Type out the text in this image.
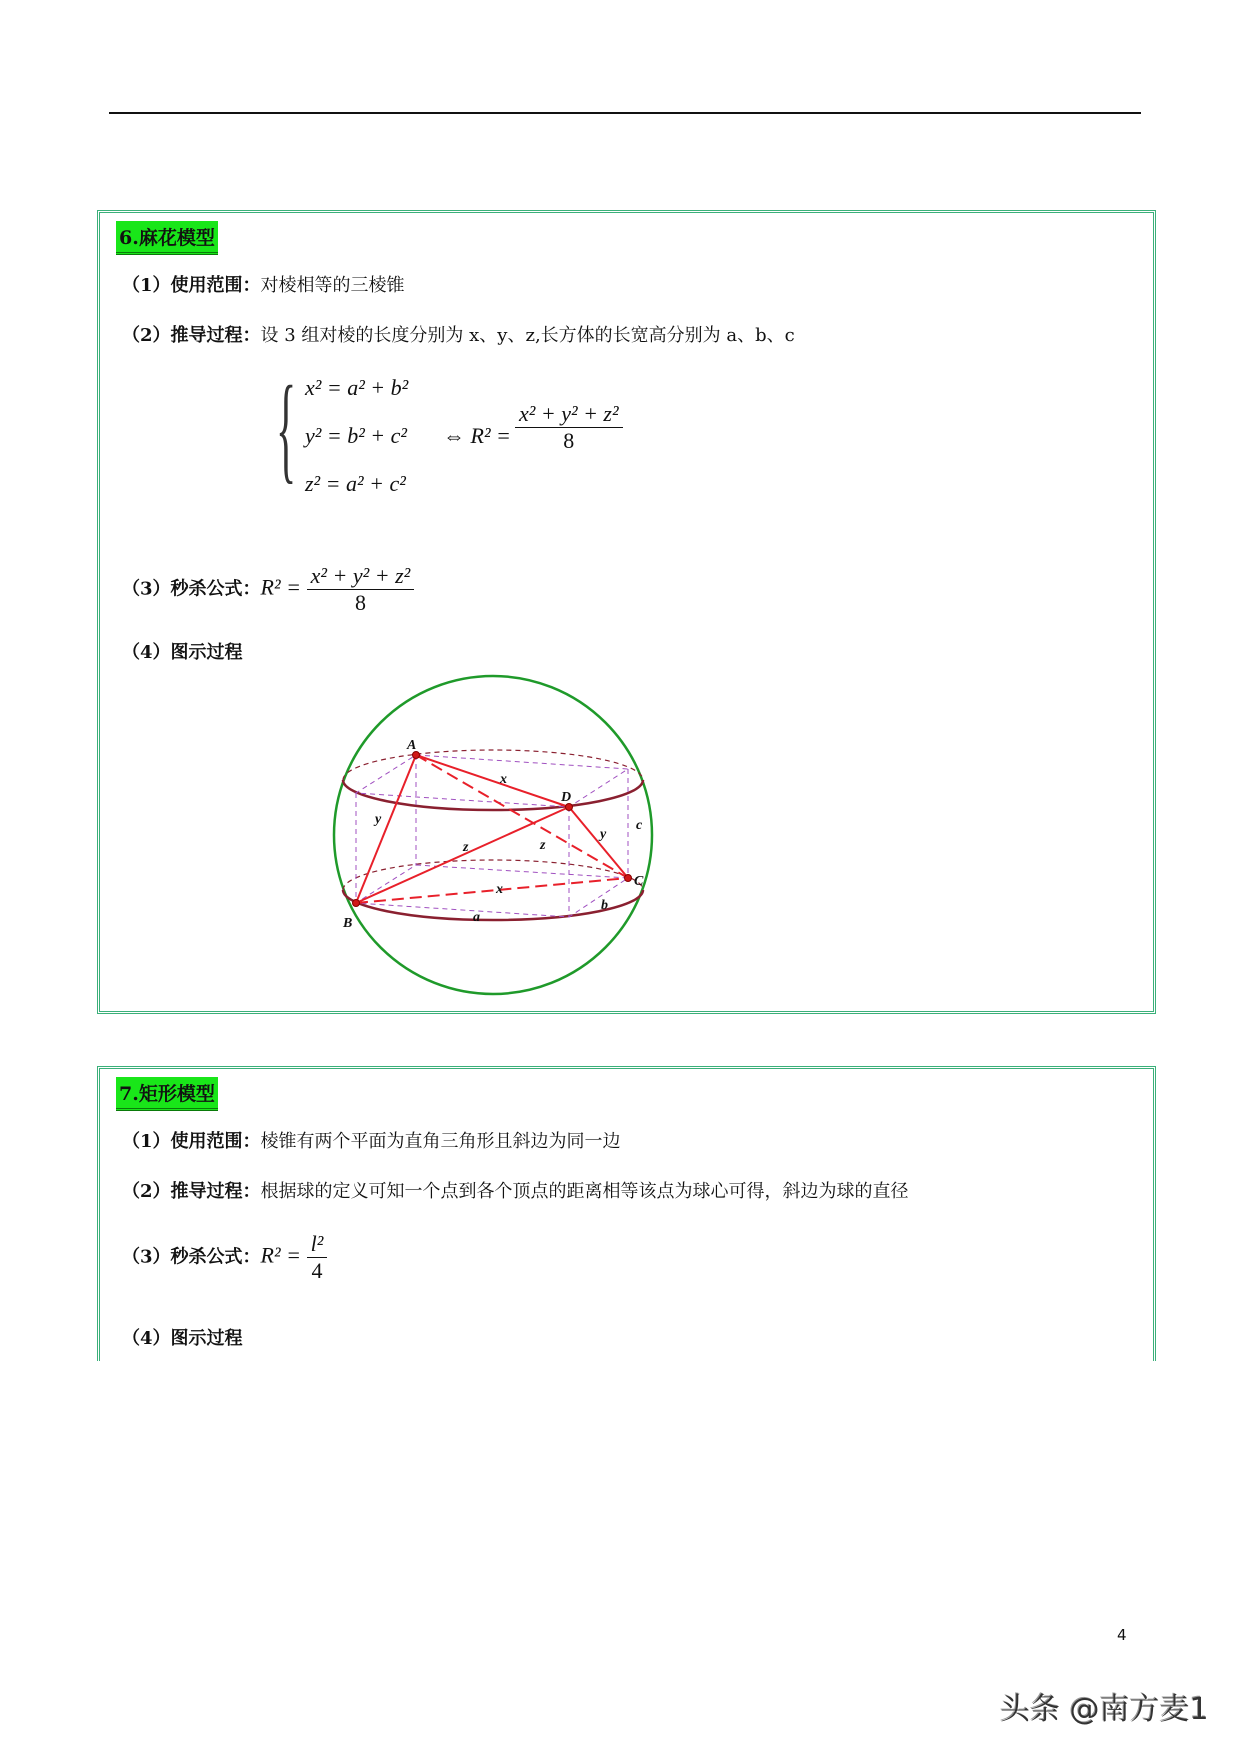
6.麻花模型
（1）使用范围：对棱相等的三棱锥
（2）推导过程：设 3 组对棱的长度分别为 x、y、z,长方体的长宽高分别为 a、b、c
{ x² = a² + b²
y² = b² + c²
z² = a² + c²
⇔ $R^2 = \frac{\text{x² + y² + z²}}{8}$
（3）秒杀公式：$R^2 = \frac{\text{x² + y² + z²}}{8}$
（4）图示过程
A
D
C
B
x
x
y
y
z	z
c
a
b
7.矩形模型
（1）使用范围：棱锥有两个平面为直角三角形且斜边为同一边
（2）推导过程：根据球的定义可知一个点到各个顶点的距离相等该点为球心可得，斜边为球的直径
（3）秒杀公式：$R^2 = \frac{\text{l²}}{4}$
（4）图示过程
4
头条 @南方麦1
